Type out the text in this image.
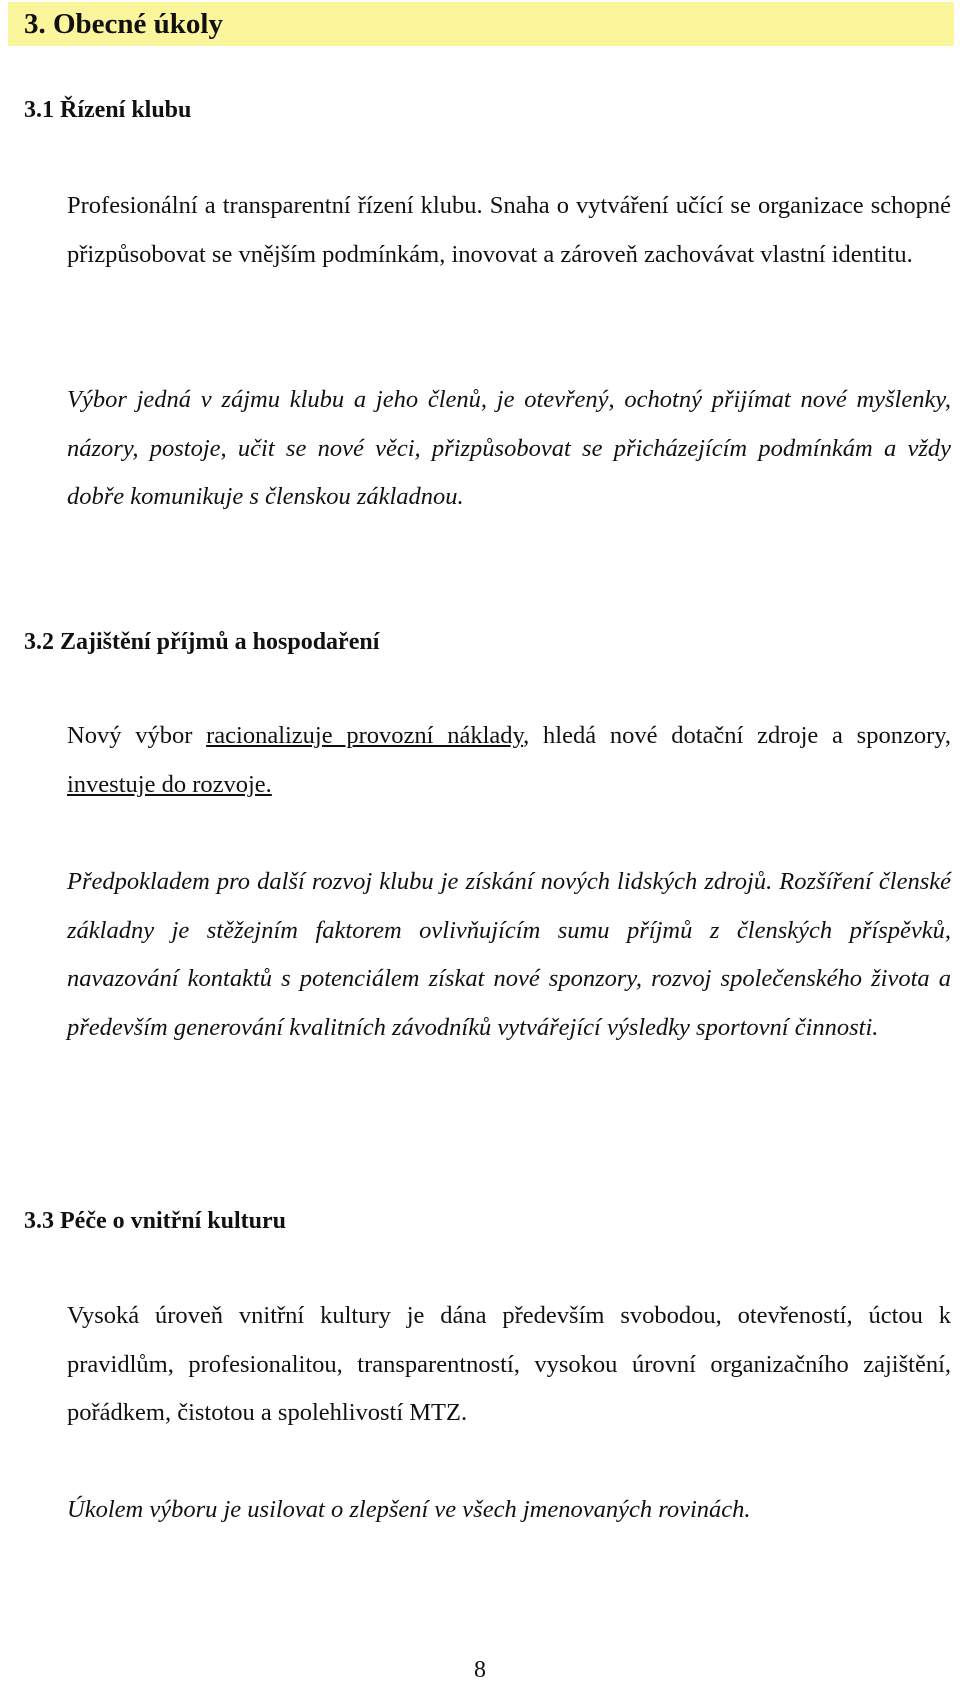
3. Obecné úkoly
3.1 Řízení klubu

Profesionální a transparentní řízení klubu. Snaha o vytváření učící se organizace schopné přizpůsobovat se vnějším podmínkám, inovovat a zároveň zachovávat vlastní identitu.

Výbor jedná v zájmu klubu a jeho členů, je otevřený, ochotný přijímat nové myšlenky, názory, postoje, učit se nové věci, přizpůsobovat se přicházejícím podmínkám a vždy dobře komunikuje s členskou základnou.

3.2 Zajištění příjmů a hospodaření

Nový výbor racionalizuje provozní náklady, hledá nové dotační zdroje a sponzory, investuje do rozvoje.

Předpokladem pro další rozvoj klubu je získání nových lidských zdrojů. Rozšíření členské základny je stěžejním faktorem ovlivňujícím sumu příjmů z členských příspěvků, navazování kontaktů s potenciálem získat nové sponzory, rozvoj společenského života a především generování kvalitních závodníků vytvářející výsledky sportovní činnosti.

3.3 Péče o vnitřní kulturu

Vysoká úroveň vnitřní kultury je dána především svobodou, otevřeností, úctou k pravidlům, profesionalitou, transparentností, vysokou úrovní organizačního zajištění, pořádkem, čistotou a spolehlivostí MTZ.

Úkolem výboru je usilovat o zlepšení ve všech jmenovaných rovinách.

8
